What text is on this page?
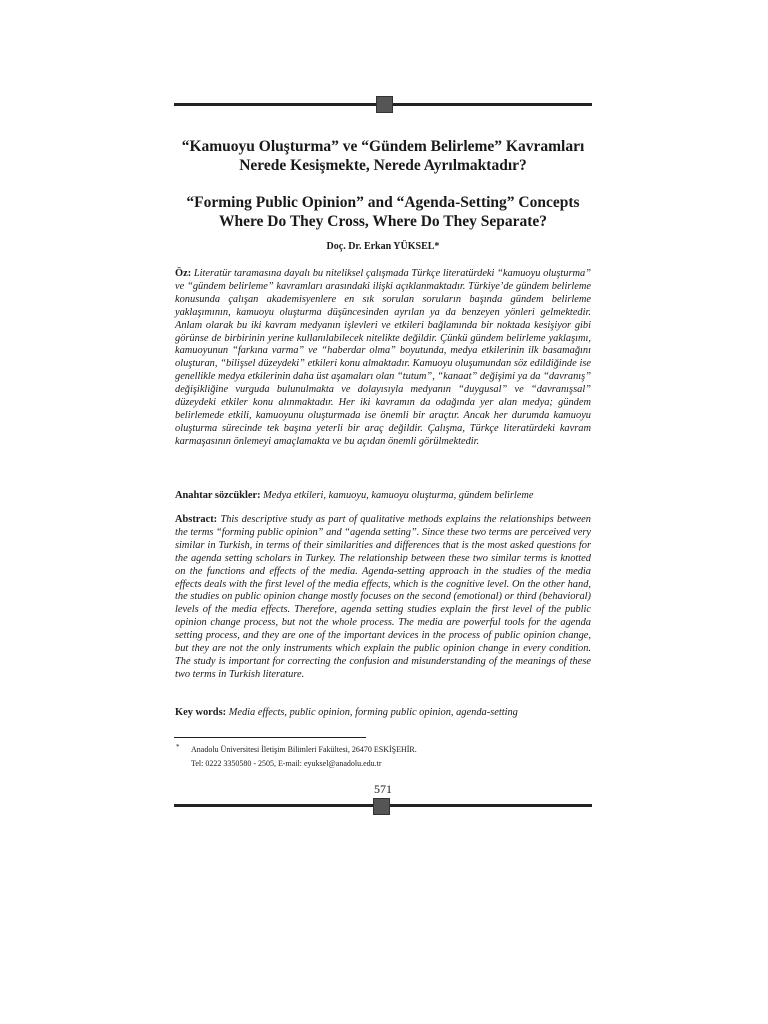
“Kamuoyu Oluşturma” ve “Gündem Belirleme” Kavramları
Nerede Kesişmekte, Nerede Ayrılmaktadır?
“Forming Public Opinion” and “Agenda-Setting” Concepts
Where Do They Cross, Where Do They Separate?
Doç. Dr. Erkan YÜKSEL*
Öz: Literatür taramasına dayalı bu niteliksel çalışmada Türkçe literatürdeki “kamuoyu oluşturma” ve “gündem belirleme” kavramları arasındaki ilişki açıklanmaktadır. Türkiye’de gündem belirleme konusunda çalışan akademisyenlere en sık sorulan soruların başında gündem belirleme yaklaşımının, kamuoyu oluşturma düşüncesinden ayrılan ya da benzeyen yönleri gelmektedir. Anlam olarak bu iki kavram medyanın işlevleri ve etkileri bağlamında bir noktada kesişiyor gibi görünse de birbirinin yerine kullanılabilecek nitelikte değildir. Çünkü gündem belirleme yaklaşımı, kamuoyunun “farkına varma” ve “haberdar olma” boyutunda, medya etkilerinin ilk basamağını oluşturan, “bilişsel düzeydeki” etkileri konu almaktadır. Kamuoyu oluşumundan söz edildiğinde ise genellikle medya etkilerinin daha üst aşamaları olan “tutum”, “kanaat” değişimi ya da “davranış” değişikliğine vurguda bulunulmakta ve dolayısıyla medyanın “duygusal” ve “davranışsal” düzeydeki etkiler konu alınmaktadır. Her iki kavramın da odağında yer alan medya; gündem belirlemede etkili, kamuoyunu oluşturmada ise önemli bir araçtır. Ancak her durumda kamuoyu oluşturma sürecinde tek başına yeterli bir araç değildir. Çalışma, Türkçe literatürdeki kavram karmaşasının önlemeyi amaçlamakta ve bu açıdan önemli görülmektedir.
Anahtar sözcükler: Medya etkileri, kamuoyu, kamuoyu oluşturma, gündem belirleme
Abstract: This descriptive study as part of qualitative methods explains the relationships between the terms “forming public opinion” and “agenda setting”. Since these two terms are perceived very similar in Turkish, in terms of their similarities and differences that is the most asked questions for the agenda setting scholars in Turkey. The relationship between these two similar terms is knotted on the functions and effects of the media. Agenda-setting approach in the studies of the media effects deals with the first level of the media effects, which is the cognitive level. On the other hand, the studies on public opinion change mostly focuses on the second (emotional) or third (behavioral) levels of the media effects. Therefore, agenda setting studies explain the first level of the public opinion change process, but not the whole process. The media are powerful tools for the agenda setting process, and they are one of the important devices in the process of public opinion change, but they are not the only instruments which explain the public opinion change in every condition. The study is important for correcting the confusion and misunderstanding of the meanings of these two terms in Turkish literature.
Key words: Media effects, public opinion, forming public opinion, agenda-setting
*	Anadolu Üniversitesi İletişim Bilimleri Fakültesi, 26470 ESKİŞEHİR.
Tel: 0222 3350580 - 2505, E-mail: eyuksel@anadolu.edu.tr
571
